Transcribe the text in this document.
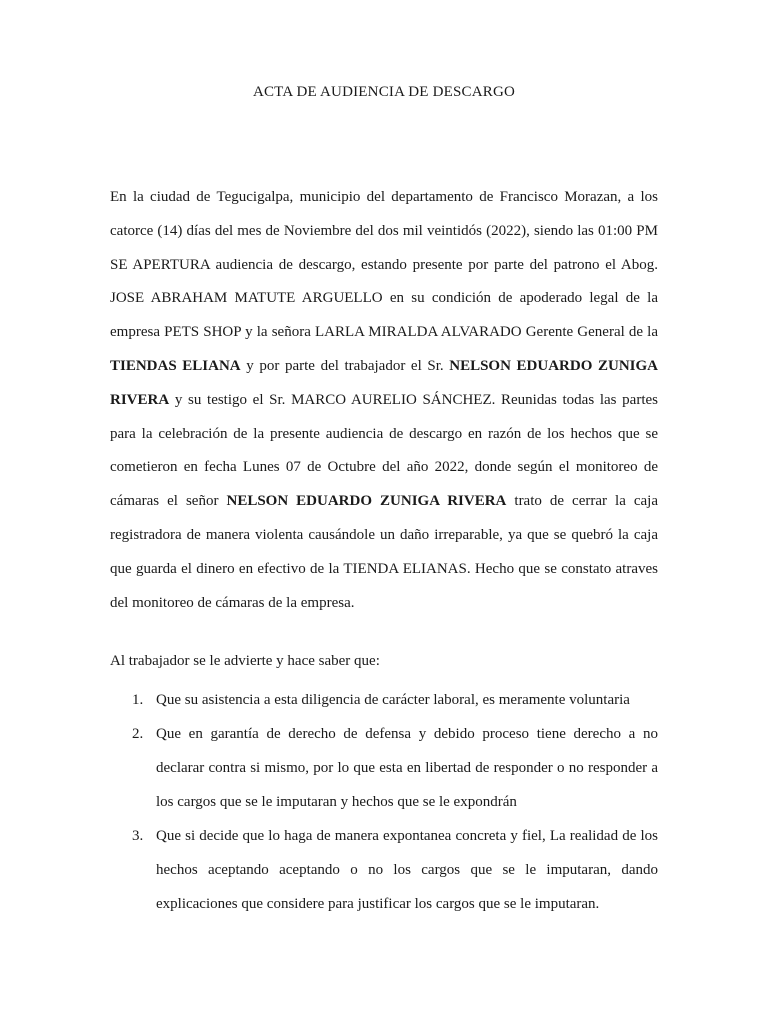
ACTA DE AUDIENCIA DE DESCARGO

En la ciudad de Tegucigalpa, municipio del departamento de Francisco Morazan, a los catorce (14) días del mes de Noviembre del dos mil veintidós (2022), siendo las 01:00 PM SE APERTURA audiencia de descargo, estando presente por parte del patrono el Abog. JOSE ABRAHAM MATUTE ARGUELLO en su condición de apoderado legal de la empresa PETS SHOP y la señora LARLA MIRALDA ALVARADO Gerente General de la TIENDAS ELIANA y por parte del trabajador el Sr. NELSON EDUARDO ZUNIGA RIVERA y su testigo el Sr. MARCO AURELIO SÁNCHEZ. Reunidas todas las partes para la celebración de la presente audiencia de descargo en razón de los hechos que se cometieron en fecha Lunes 07 de Octubre del año 2022, donde según el monitoreo de cámaras el señor NELSON EDUARDO ZUNIGA RIVERA trato de cerrar la caja registradora de manera violenta causándole un daño irreparable, ya que se quebró la caja que guarda el dinero en efectivo de la TIENDA ELIANAS. Hecho que se constato atraves del monitoreo de cámaras de la empresa.

Al trabajador se le advierte y hace saber que:

1. Que su asistencia a esta diligencia de carácter laboral, es meramente voluntaria
2. Que en garantía de derecho de defensa y debido proceso tiene derecho a no declarar contra si mismo, por lo que esta en libertad de responder o no responder a los cargos que se le imputaran y hechos que se le expondrán
3. Que si decide que lo haga de manera expontanea concreta y fiel, La realidad de los hechos aceptando aceptando o no los cargos que se le imputaran, dando explicaciones que considere para justificar los cargos que se le imputaran.
